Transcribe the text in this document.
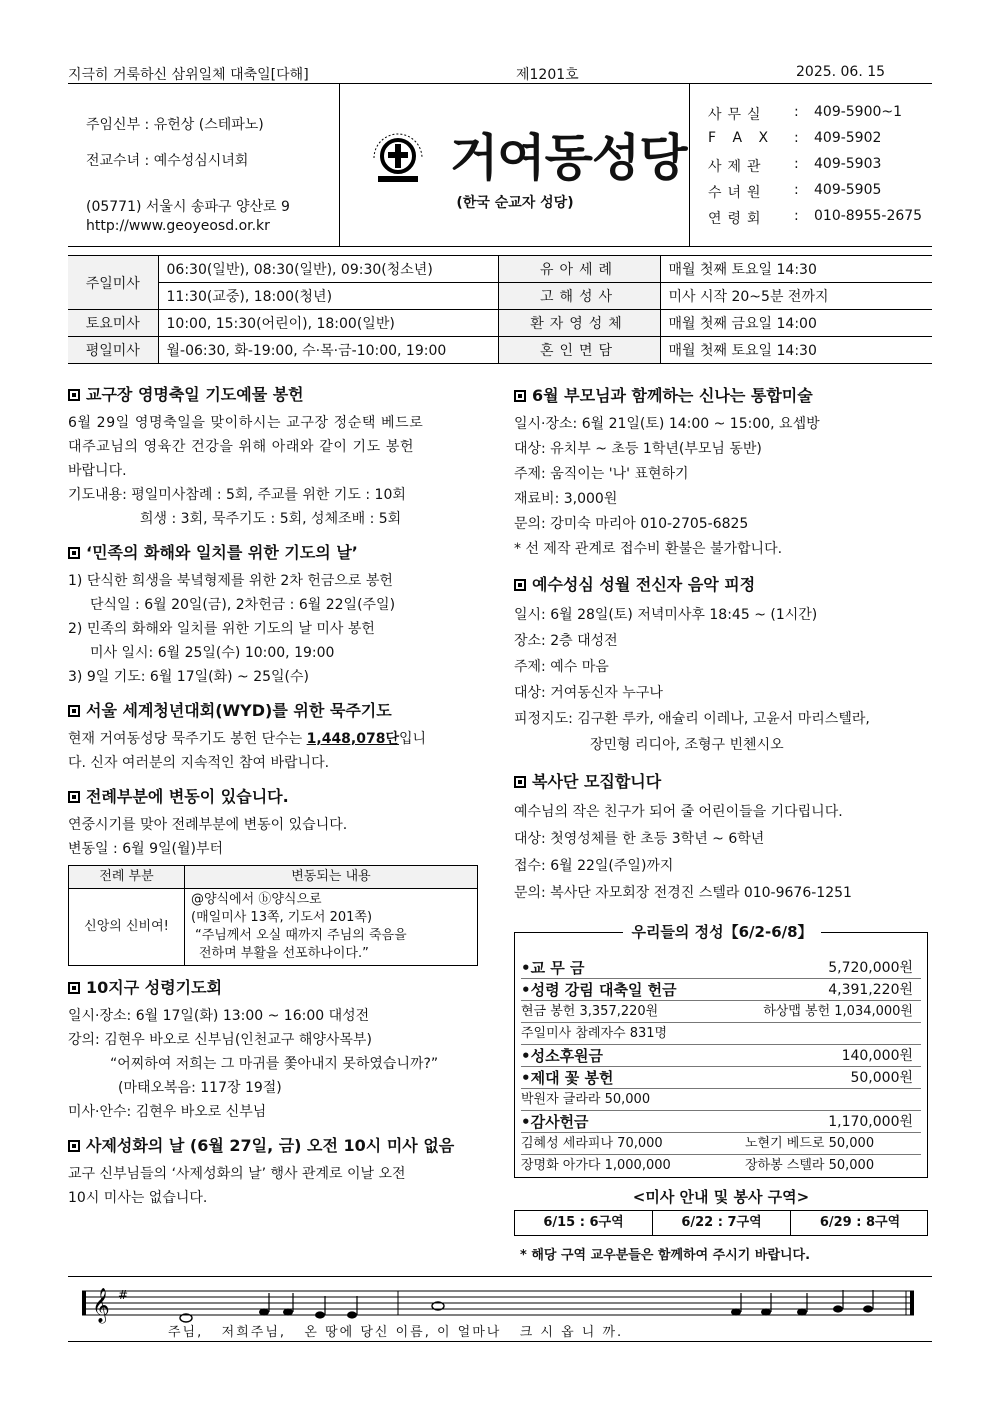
지극히 거룩하신 삼위일체 대축일[다해]	제1201호	2025. 06. 15
주임신부 : 유헌상 (스테파노)
전교수녀 : 예수성심시녀회
(05771) 서울시 송파구 양산로 9
http://www.geoyeosd.or.kr
거여동성당
(한국 순교자 성당)
사무실	: 409-5900~1
F A X	: 409-5902
사제관	: 409-5903
수녀원	: 409-5905
연령회	: 010-8955-2675
주일미사	06:30(일반), 08:30(일반), 09:30(청소년)	유아세례	매월 첫째 토요일 14:30
	11:30(교중), 18:00(청년)	고해성사	미사 시작 20~5분 전까지
토요미사	10:00, 15:30(어린이), 18:00(일반)	환자영성체	매월 첫째 금요일 14:00
평일미사	월-06:30, 화-19:00, 수·목·금-10:00, 19:00	혼인면담	매월 첫째 토요일 14:30
교구장 영명축일 기도예물 봉헌

6월 29일 영명축일을 맞이하시는 교구장 정순택 베드로

대주교님의 영육간 건강을 위해 아래와 같이 기도 봉헌

바랍니다.

기도내용: 평일미사참례 : 5회, 주교를 위한 기도 : 10회

희생 : 3회, 묵주기도 : 5회, 성체조배 : 5회

‘민족의 화해와 일치를 위한 기도의 날’

1) 단식한 희생을 북녘형제를 위한 2차 헌금으로 봉헌

단식일 : 6월 20일(금), 2차헌금 : 6월 22일(주일)

2) 민족의 화해와 일치를 위한 기도의 날 미사 봉헌

미사 일시: 6월 25일(수) 10:00, 19:00

3) 9일 기도: 6월 17일(화) ~ 25일(수)

서울 세계청년대회(WYD)를 위한 묵주기도

현재 거여동성당 묵주기도 봉헌 단수는 1,448,078단입니

다. 신자 여러분의 지속적인 참여 바랍니다.

전례부분에 변동이 있습니다.

연중시기를 맞아 전례부분에 변동이 있습니다.

변동일 : 6월 9일(월)부터

전례 부분	변동되는 내용
신앙의 신비여!	@양식에서 ⓑ양식으로
(매일미사 13쪽, 기도서 201쪽)
“주님께서 오실 때까지 주님의 죽음을
전하며 부활을 선포하나이다.”
10지구 성령기도회

일시·장소: 6월 17일(화) 13:00 ~ 16:00 대성전

강의: 김현우 바오로 신부님(인천교구 해양사목부)

“어찌하여 저희는 그 마귀를 쫓아내지 못하였습니까?”

(마태오복음: 117장 19절)

미사·안수: 김현우 바오로 신부님

사제성화의 날 (6월 27일, 금) 오전 10시 미사 없음

교구 신부님들의 ‘사제성화의 날’ 행사 관계로 이날 오전

10시 미사는 없습니다.

6월 부모님과 함께하는 신나는 통합미술

일시·장소: 6월 21일(토) 14:00 ~ 15:00, 요셉방

대상: 유치부 ~ 초등 1학년(부모님 동반)

주제: 움직이는 '나' 표현하기

재료비: 3,000원

문의: 강미숙 마리아 010-2705-6825

* 선 제작 관계로 접수비 환불은 불가합니다.

예수성심 성월 전신자 음악 피정

일시: 6월 28일(토) 저녁미사후 18:45 ~ (1시간)

장소: 2층 대성전

주제: 예수 마음

대상: 거여동신자 누구나

피정지도: 김구환 루카, 애슐리 이레나, 고윤서 마리스텔라,

장민형 리디아, 조형구 빈첸시오

복사단 모집합니다

예수님의 작은 친구가 되어 줄 어린이들을 기다립니다.

대상: 첫영성체를 한 초등 3학년 ~ 6학년

접수: 6월 22일(주일)까지

문의: 복사단 자모회장 전경진 스텔라 010-9676-1251

우리들의 정성【6/2-6/8】
•교 무 금	5,720,000원
•성령 강림 대축일 헌금	4,391,220원
현금 봉헌 3,357,220원	하상맵 봉헌 1,034,000원
주일미사 참례자수 831명
•성소후원금	140,000원
•제대 꽃 봉헌	50,000원
박원자 글라라 50,000
•감사헌금	1,170,000원
김혜성 세라피나 70,000	노현기 베드로 50,000
장명화 아가다 1,000,000	장하봉 스텔라 50,000
<미사 안내 및 봉사 구역>
6/15 : 6구역	6/22 : 7구역	6/29 : 8구역
* 해당 구역 교우분들은 함께하여 주시기 바랍니다.
𝄞 #
주님,   저희주님,   온 땅에 당신 이름, 이 얼마나   크 시 옵 니 까.
